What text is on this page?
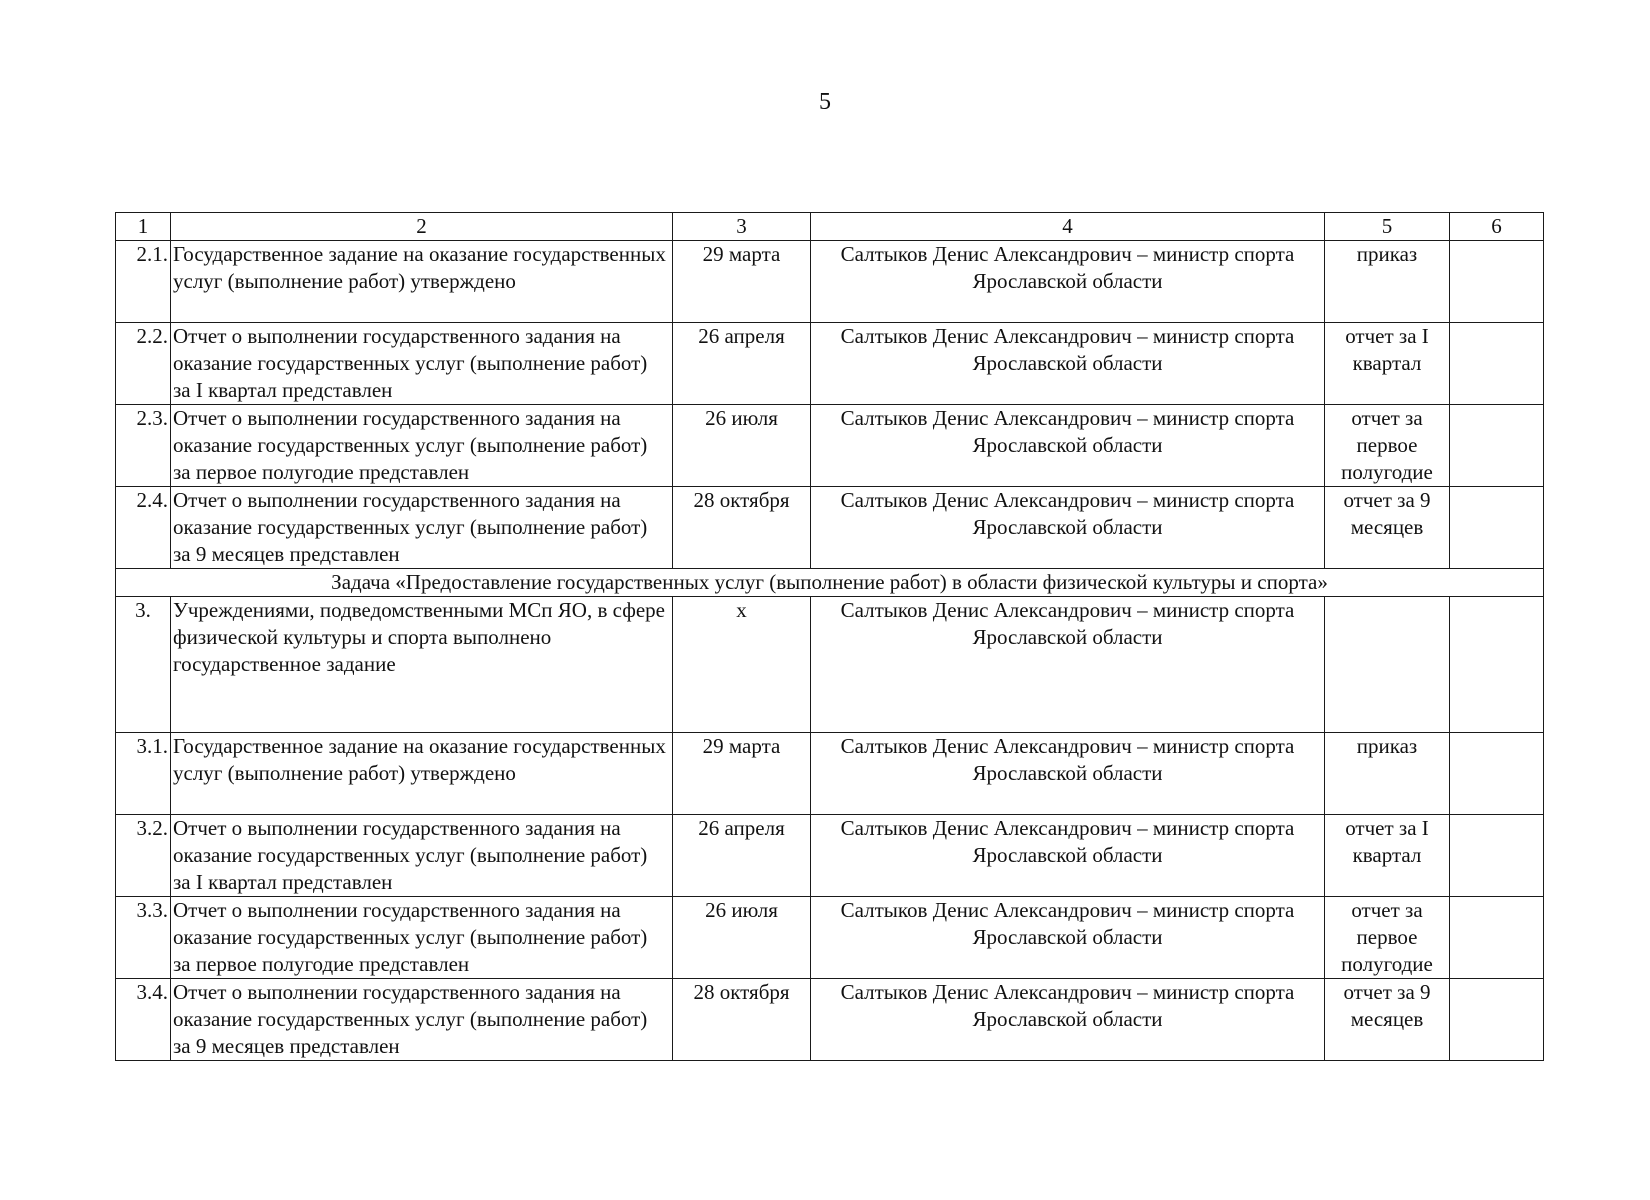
5
1	2	3	4	5	6
2.1.	Государственное задание на оказание государственных услуг (выполнение работ) утверждено	29 марта	Салтыков Денис Александрович – министр спорта Ярославской области	приказ	
2.2.	Отчет о выполнении государственного задания на оказание государственных услуг (выполнение работ) за I квартал представлен	26 апреля	Салтыков Денис Александрович – министр спорта Ярославской области	отчет за I квартал	
2.3.	Отчет о выполнении государственного задания на оказание государственных услуг (выполнение работ) за первое полугодие представлен	26 июля	Салтыков Денис Александрович – министр спорта Ярославской области	отчет за первое полугодие	
2.4.	Отчет о выполнении государственного задания на оказание государственных услуг (выполнение работ) за 9 месяцев представлен	28 октября	Салтыков Денис Александрович – министр спорта Ярославской области	отчет за 9 месяцев	
Задача «Предоставление государственных услуг (выполнение работ) в области физической культуры и спорта»					
3.	Учреждениями, подведомственными МСп ЯО, в сфере физической культуры и спорта выполнено государственное задание	х	Салтыков Денис Александрович – министр спорта Ярославской области		
3.1.	Государственное задание на оказание государственных услуг (выполнение работ) утверждено	29 марта	Салтыков Денис Александрович – министр спорта Ярославской области	приказ	
3.2.	Отчет о выполнении государственного задания на оказание государственных услуг (выполнение работ) за I квартал представлен	26 апреля	Салтыков Денис Александрович – министр спорта Ярославской области	отчет за I квартал	
3.3.	Отчет о выполнении государственного задания на оказание государственных услуг (выполнение работ) за первое полугодие представлен	26 июля	Салтыков Денис Александрович – министр спорта Ярославской области	отчет за первое полугодие	
3.4.	Отчет о выполнении государственного задания на оказание государственных услуг (выполнение работ) за 9 месяцев представлен	28 октября	Салтыков Денис Александрович – министр спорта Ярославской области	отчет за 9 месяцев	
